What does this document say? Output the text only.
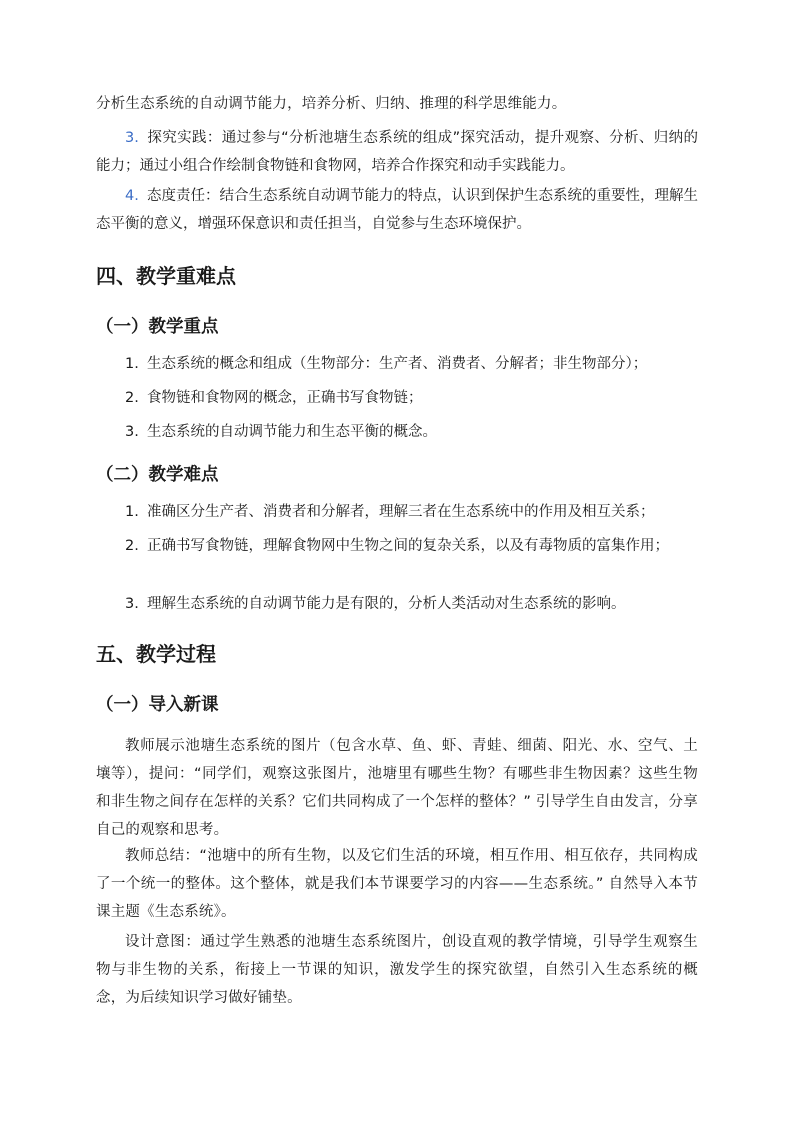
分析生态系统的自动调节能力，培养分析、归纳、推理的科学思维能力。

3. 探究实践：通过参与“分析池塘生态系统的组成”探究活动，提升观察、分析、归纳的能力；通过小组合作绘制食物链和食物网，培养合作探究和动手实践能力。

4. 态度责任：结合生态系统自动调节能力的特点，认识到保护生态系统的重要性，理解生态平衡的意义，增强环保意识和责任担当，自觉参与生态环境保护。

四、教学重难点
（一）教学重点

1. 生态系统的概念和组成（生物部分：生产者、消费者、分解者；非生物部分）；

2. 食物链和食物网的概念，正确书写食物链；

3. 生态系统的自动调节能力和生态平衡的概念。

（二）教学难点

1. 准确区分生产者、消费者和分解者，理解三者在生态系统中的作用及相互关系；

2. 正确书写食物链，理解食物网中生物之间的复杂关系，以及有毒物质的富集作用；

3. 理解生态系统的自动调节能力是有限的，分析人类活动对生态系统的影响。

五、教学过程
（一）导入新课

教师展示池塘生态系统的图片（包含水草、鱼、虾、青蛙、细菌、阳光、水、空气、土壤等），提问：“同学们，观察这张图片，池塘里有哪些生物？有哪些非生物因素？这些生物和非生物之间存在怎样的关系？它们共同构成了一个怎样的整体？” 引导学生自由发言，分享自己的观察和思考。

教师总结：“池塘中的所有生物，以及它们生活的环境，相互作用、相互依存，共同构成了一个统一的整体。这个整体，就是我们本节课要学习的内容——生态系统。” 自然导入本节课主题《生态系统》。

设计意图：通过学生熟悉的池塘生态系统图片，创设直观的教学情境，引导学生观察生物与非生物的关系，衔接上一节课的知识，激发学生的探究欲望，自然引入生态系统的概念，为后续知识学习做好铺垫。
